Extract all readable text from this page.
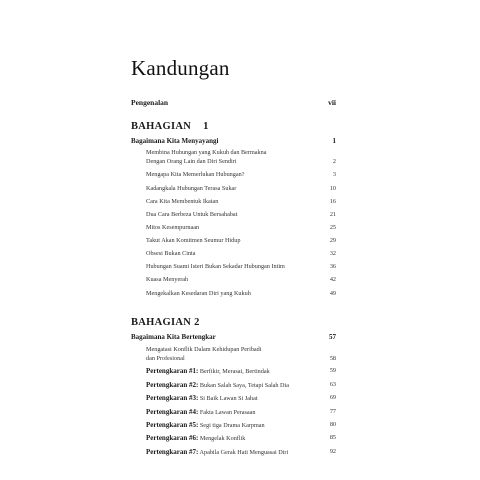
Kandungan
Pengenalan	vii
BAHAGIAN 1
Bagaimana Kita Menyayangi	1
Membina Hubungan yang Kukuh dan Bermakna
Dengan Orang Lain dan Diri Sendiri	2
Mengapa Kita Memerlukan Hubungan?	3
Kadangkala Hubungan Terasa Sukar	10
Cara Kita Membentuk Ikatan	16
Dua Cara Berbeza Untuk Bersahabat	21
Mitos Kesempurnaan	25
Takut Akan Komitmen Seumur Hidup	29
Obsesi Bukan Cinta	32
Hubungan Suami Isteri Bukan Sekadar Hubungan Intim	36
Kuasa Menyerah	42
Mengekalkan Kesedaran Diri yang Kukuh	49
BAHAGIAN 2
Bagaimana Kita Bertengkar	57
Mengatasi Konflik Dalam Kehidupan Peribadi
dan Profesional	58
Pertengkaran #1: Berfikir, Merasai, Bertindak	59
Pertengkaran #2: Bukan Salah Saya, Tetapi Salah Dia	63
Pertengkaran #3: Si Baik Lawan Si Jahat	69
Pertengkaran #4: Fakta Lawan Perasaan	77
Pertengkaran #5: Segi tiga Drama Karpman	80
Pertengkaran #6: Mengelak Konflik	85
Pertengkaran #7: Apabila Gerak Hati Menguasai Diri	92
